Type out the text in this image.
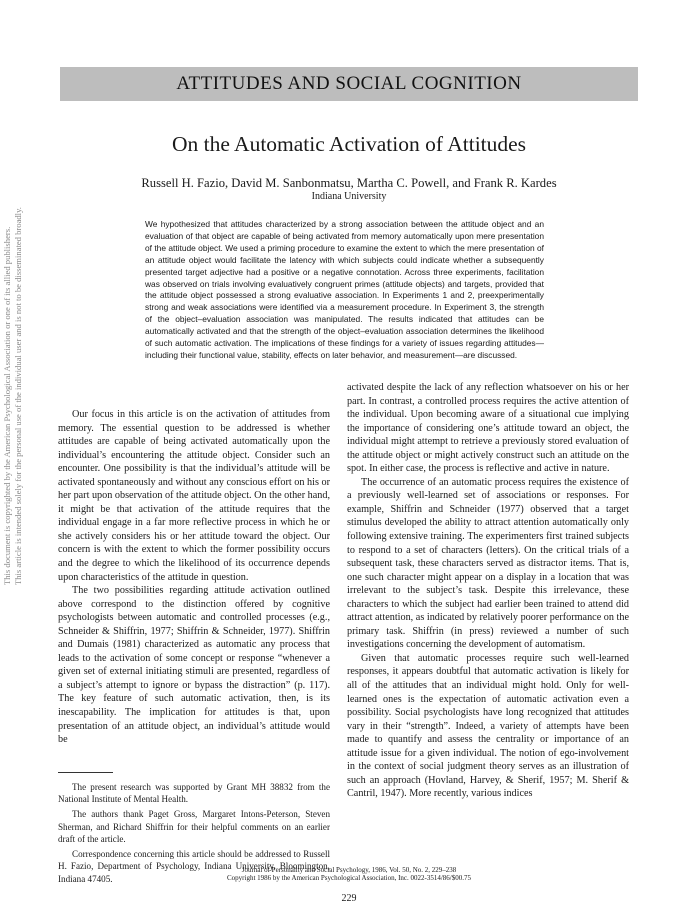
This document is copyrighted by the American Psychological Association or one of its allied publishers. This article is intended solely for the personal use of the individual user and is not to be disseminated broadly.
ATTITUDES AND SOCIAL COGNITION
On the Automatic Activation of Attitudes
Russell H. Fazio, David M. Sanbonmatsu, Martha C. Powell, and Frank R. Kardes
Indiana University
We hypothesized that attitudes characterized by a strong association between the attitude object and an evaluation of that object are capable of being activated from memory automatically upon mere presentation of the attitude object. We used a priming procedure to examine the extent to which the mere presentation of an attitude object would facilitate the latency with which subjects could indicate whether a subsequently presented target adjective had a positive or a negative connotation. Across three experiments, facilitation was observed on trials involving evaluatively congruent primes (attitude objects) and targets, provided that the attitude object possessed a strong evaluative association. In Experiments 1 and 2, preexperimentally strong and weak associations were identified via a measurement procedure. In Experiment 3, the strength of the object–evaluation association was manipulated. The results indicated that attitudes can be automatically activated and that the strength of the object–evaluation association determines the likelihood of such automatic activation. The implications of these findings for a variety of issues regarding attitudes—including their functional value, stability, effects on later behavior, and measurement—are discussed.

Our focus in this article is on the activation of attitudes from memory. The essential question to be addressed is whether attitudes are capable of being activated automatically upon the individual’s encountering the attitude object. Consider such an encounter. One possibility is that the individual’s attitude will be activated spontaneously and without any conscious effort on his or her part upon observation of the attitude object. On the other hand, it might be that activation of the attitude requires that the individual engage in a far more reflective process in which he or she actively considers his or her attitude toward the object. Our concern is with the extent to which the former possibility occurs and the degree to which the likelihood of its occurrence depends upon characteristics of the attitude in question.

The two possibilities regarding attitude activation outlined above correspond to the distinction offered by cognitive psychologists between automatic and controlled processes (e.g., Schneider & Shiffrin, 1977; Shiffrin & Schneider, 1977). Shiffrin and Dumais (1981) characterized as automatic any process that leads to the activation of some concept or response “whenever a given set of external initiating stimuli are presented, regardless of a subject’s attempt to ignore or bypass the distraction” (p. 117). The key feature of such automatic activation, then, is its inescapability. The implication for attitudes is that, upon presentation of an attitude object, an individual’s attitude would be

activated despite the lack of any reflection whatsoever on his or her part. In contrast, a controlled process requires the active attention of the individual. Upon becoming aware of a situational cue implying the importance of considering one’s attitude toward an object, the individual might attempt to retrieve a previously stored evaluation of the attitude object or might actively construct such an attitude on the spot. In either case, the process is reflective and active in nature.

The occurrence of an automatic process requires the existence of a previously well-learned set of associations or responses. For example, Shiffrin and Schneider (1977) observed that a target stimulus developed the ability to attract attention automatically only following extensive training. The experimenters first trained subjects to respond to a set of characters (letters). On the critical trials of a subsequent task, these characters served as distractor items. That is, one such character might appear on a display in a location that was irrelevant to the subject’s task. Despite this irrelevance, these characters to which the subject had earlier been trained to attend did attract attention, as indicated by relatively poorer performance on the primary task. Shiffrin (in press) reviewed a number of such investigations concerning the development of automatism.

Given that automatic processes require such well-learned responses, it appears doubtful that automatic activation is likely for all of the attitudes that an individual might hold. Only for well-learned ones is the expectation of automatic activation even a possibility. Social psychologists have long recognized that attitudes vary in their “strength”. Indeed, a variety of attempts have been made to quantify and assess the centrality or importance of an attitude issue for a given individual. The notion of ego-involvement in the context of social judgment theory serves as an illustration of such an approach (Hovland, Harvey, & Sherif, 1957; M. Sherif & Cantril, 1947). More recently, various indices

The present research was supported by Grant MH 38832 from the National Institute of Mental Health.

The authors thank Paget Gross, Margaret Intons-Peterson, Steven Sherman, and Richard Shiffrin for their helpful comments on an earlier draft of the article.

Correspondence concerning this article should be addressed to Russell H. Fazio, Department of Psychology, Indiana University, Bloomington, Indiana 47405.

Journal of Personality and Social Psychology, 1986, Vol. 50, No. 2, 229–238
Copyright 1986 by the American Psychological Association, Inc. 0022-3514/86/$00.75
229
